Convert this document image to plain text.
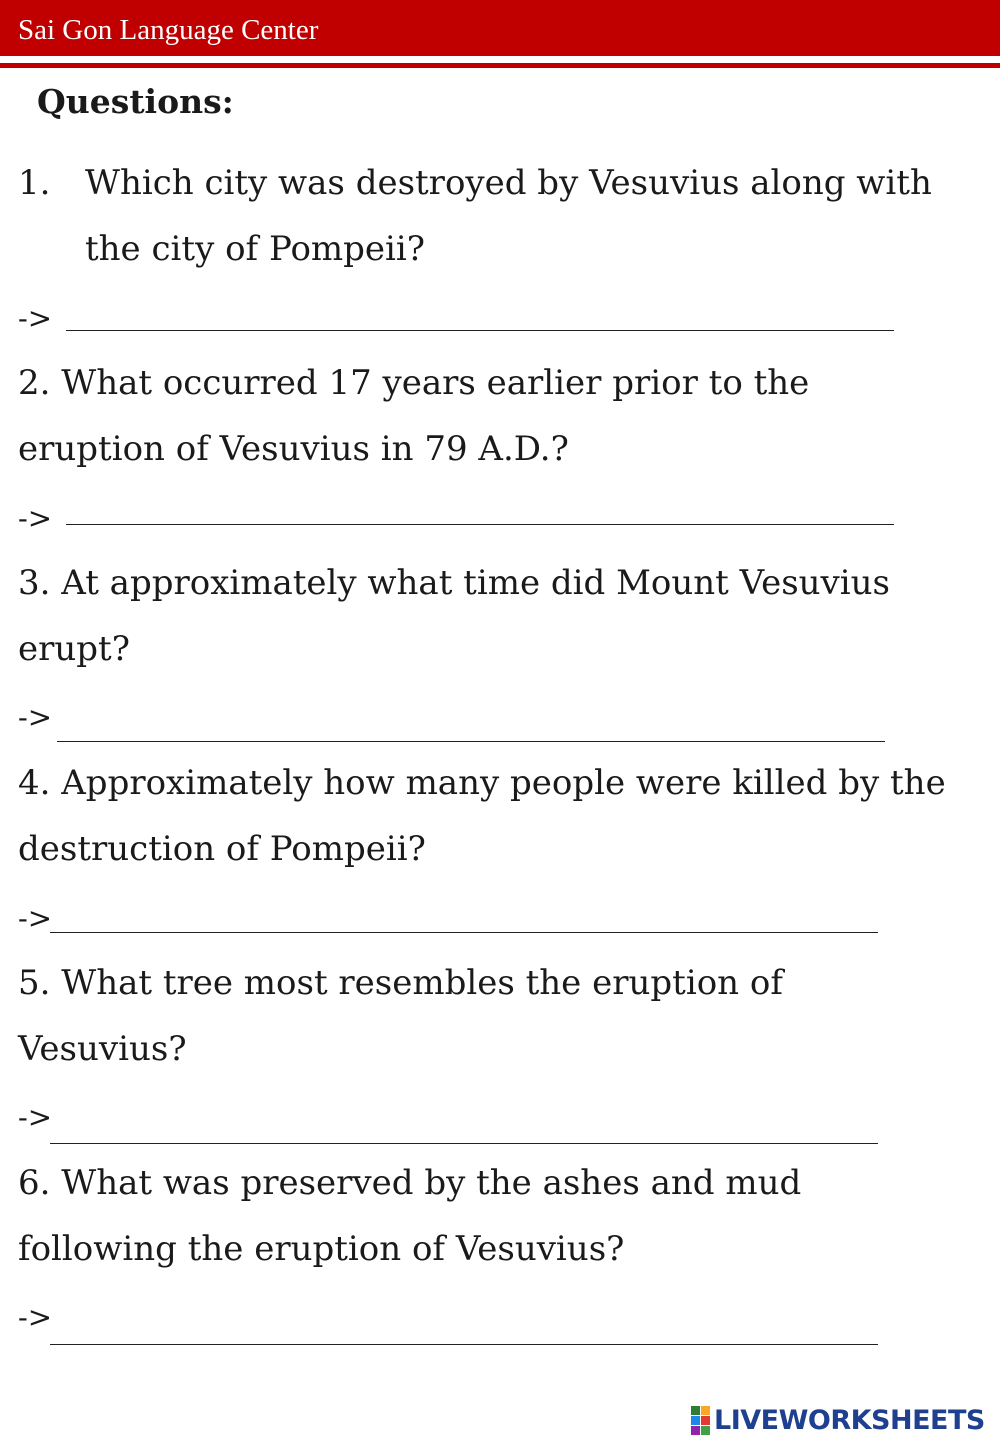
Sai Gon Language Center
Questions:
1. Which city was destroyed by Vesuvius along with
the city of Pompeii?
->
2. What occurred 17 years earlier prior to the
eruption of Vesuvius in 79 A.D.?
->
3. At approximately what time did Mount Vesuvius
erupt?
->
4. Approximately how many people were killed by the
destruction of Pompeii?
->
5. What tree most resembles the eruption of
Vesuvius?
->
6. What was preserved by the ashes and mud
following the eruption of Vesuvius?
->
LIVEWORKSHEETS
